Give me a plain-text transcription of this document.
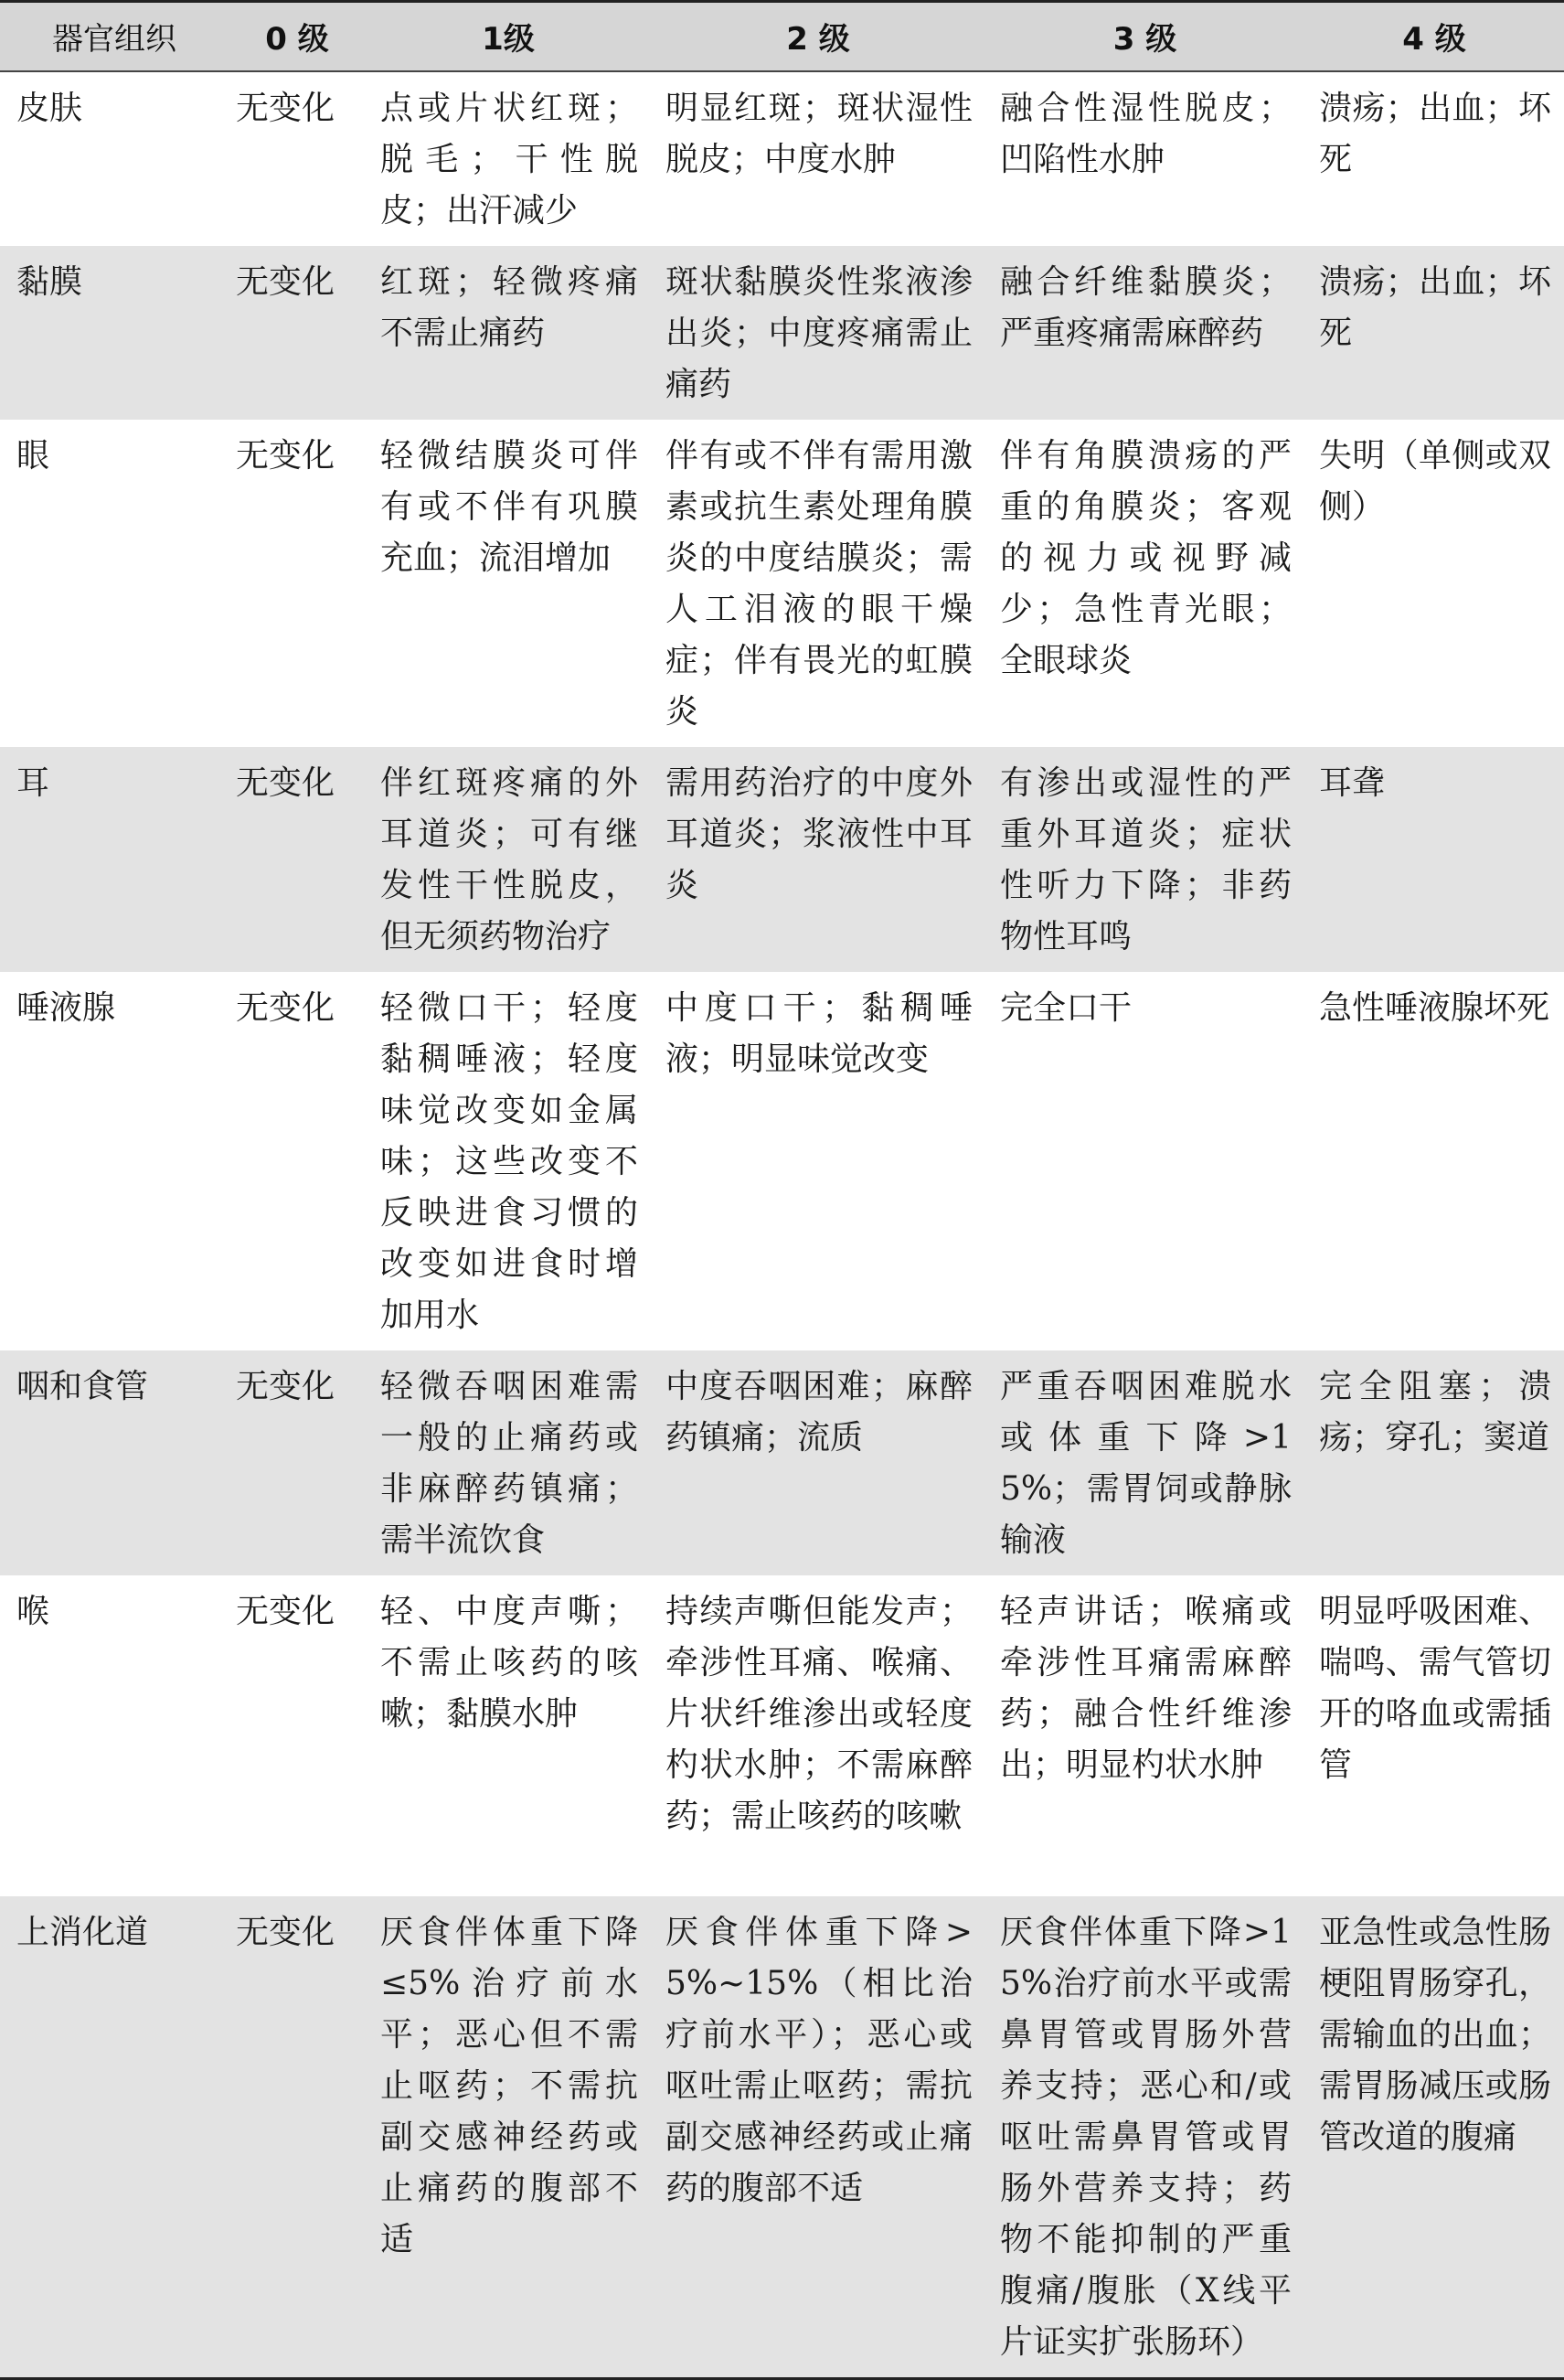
器官组织	0 级	1级	2 级	3 级	4 级
皮肤	无变化	点或片状红斑；脱毛；干性脱皮；出汗减少	明显红斑；斑状湿性脱皮；中度水肿	融合性湿性脱皮；凹陷性水肿	溃疡；出血；坏死
黏膜	无变化	红斑；轻微疼痛不需止痛药	斑状黏膜炎性浆液渗出炎；中度疼痛需止痛药	融合纤维黏膜炎；严重疼痛需麻醉药	溃疡；出血；坏死
眼	无变化	轻微结膜炎可伴有或不伴有巩膜充血；流泪增加	伴有或不伴有需用激素或抗生素处理角膜炎的中度结膜炎；需人工泪液的眼干燥症；伴有畏光的虹膜炎	伴有角膜溃疡的严重的角膜炎；客观的视力或视野减少；急性青光眼；全眼球炎	失明（单侧或双侧）
耳	无变化	伴红斑疼痛的外耳道炎；可有继发性干性脱皮，但无须药物治疗	需用药治疗的中度外耳道炎；浆液性中耳炎	有渗出或湿性的严重外耳道炎；症状性听力下降；非药物性耳鸣	耳聋
唾液腺	无变化	轻微口干；轻度黏稠唾液；轻度味觉改变如金属味；这些改变不反映进食习惯的改变如进食时增加用水	中度口干；黏稠唾液；明显味觉改变	完全口干	急性唾液腺坏死
咽和食管	无变化	轻微吞咽困难需一般的止痛药或非麻醉药镇痛；需半流饮食	中度吞咽困难；麻醉药镇痛；流质	严重吞咽困难脱水或体重下降>15%；需胃饲或静脉输液	完全阻塞；溃疡；穿孔；窦道
喉	无变化	轻、中度声嘶；不需止咳药的咳嗽；黏膜水肿	持续声嘶但能发声；牵涉性耳痛、喉痛、片状纤维渗出或轻度杓状水肿；不需麻醉药；需止咳药的咳嗽	轻声讲话；喉痛或牵涉性耳痛需麻醉药；融合性纤维渗出；明显杓状水肿	明显呼吸困难、喘鸣、需气管切开的咯血或需插管
上消化道	无变化	厌食伴体重下降≤5%治疗前水平；恶心但不需止呕药；不需抗副交感神经药或止痛药的腹部不适	厌食伴体重下降>5%~15%（相比治疗前水平）；恶心或呕吐需止呕药；需抗副交感神经药或止痛药的腹部不适	厌食伴体重下降>15%治疗前水平或需鼻胃管或胃肠外营养支持；恶心和/或呕吐需鼻胃管或胃肠外营养支持；药物不能抑制的严重腹痛/腹胀（X线平片证实扩张肠环）	亚急性或急性肠梗阻胃肠穿孔，需输血的出血；需胃肠减压或肠管改道的腹痛
